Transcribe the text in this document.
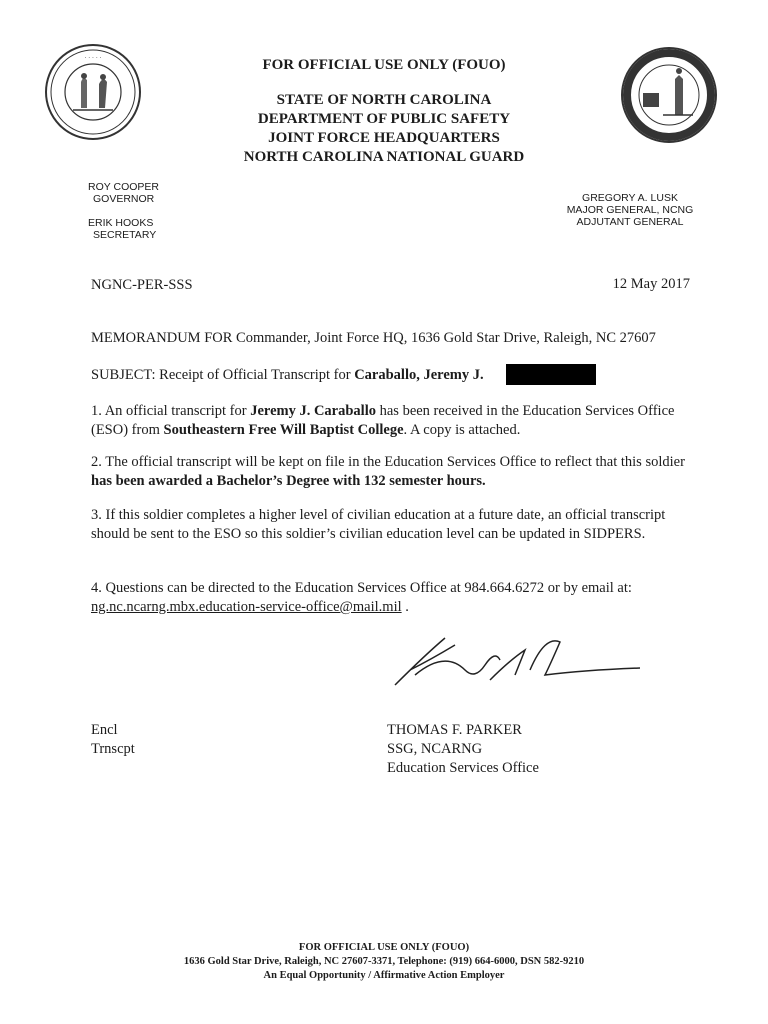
· · · · ·	FOR OFFICIAL USE ONLY (FOUO)
STATE OF NORTH CAROLINA
DEPARTMENT OF PUBLIC SAFETY
JOINT FORCE HEADQUARTERS
NORTH CAROLINA NATIONAL GUARD
ROY COOPER
GOVERNOR
ERIK HOOKS
SECRETARY
GREGORY A. LUSK
MAJOR GENERAL, NCNG
ADJUTANT GENERAL
NGNC-PER-SSS	12 May 2017
MEMORANDUM FOR Commander, Joint Force HQ, 1636 Gold Star Drive, Raleigh, NC 27607
SUBJECT: Receipt of Official Transcript for Caraballo, Jeremy J.
1. An official transcript for Jeremy J. Caraballo has been received in the Education Services Office (ESO) from Southeastern Free Will Baptist College. A copy is attached.
2. The official transcript will be kept on file in the Education Services Office to reflect that this soldier has been awarded a Bachelor’s Degree with 132 semester hours.
3. If this soldier completes a higher level of civilian education at a future date, an official transcript should be sent to the ESO so this soldier’s civilian education level can be updated in SIDPERS.
4. Questions can be directed to the Education Services Office at 984.664.6272 or by email at:
ng.nc.ncarng.mbx.education-service-office@mail.mil .
Encl
Trnscpt
THOMAS F. PARKER
SSG, NCARNG
Education Services Office
FOR OFFICIAL USE ONLY (FOUO)
1636 Gold Star Drive, Raleigh, NC 27607-3371, Telephone: (919) 664-6000, DSN 582-9210
An Equal Opportunity / Affirmative Action Employer
